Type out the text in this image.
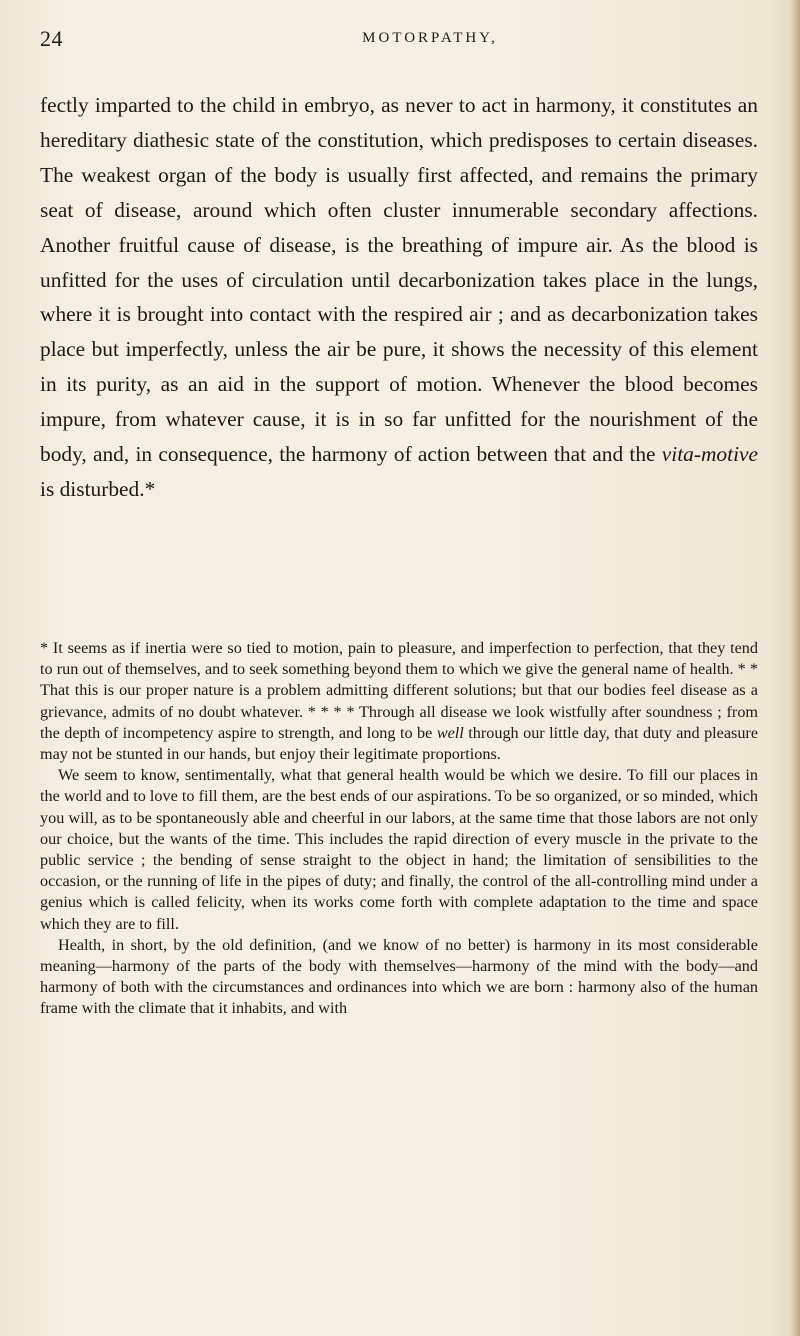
24	MOTORPATHY,

fectly imparted to the child in embryo, as never to act in harmony, it constitutes an hereditary diathesic state of the constitution, which predisposes to certain diseases. The weakest organ of the body is usually first affected, and remains the primary seat of disease, around which often cluster innumerable secondary affections. Another fruitful cause of disease, is the breathing of impure air. As the blood is unfitted for the uses of circulation until decarbonization takes place in the lungs, where it is brought into contact with the respired air ; and as decarbonization takes place but imperfectly, unless the air be pure, it shows the necessity of this element in its purity, as an aid in the support of motion. Whenever the blood becomes impure, from whatever cause, it is in so far unfitted for the nourishment of the body, and, in consequence, the harmony of action between that and the vita-motive is disturbed.*

* It seems as if inertia were so tied to motion, pain to pleasure, and imperfection to perfection, that they tend to run out of themselves, and to seek something beyond them to which we give the general name of health. * * That this is our proper nature is a problem admitting different solutions; but that our bodies feel disease as a grievance, admits of no doubt whatever. * * * * Through all disease we look wistfully after soundness ; from the depth of incompetency aspire to strength, and long to be well through our little day, that duty and pleasure may not be stunted in our hands, but enjoy their legitimate proportions.

We seem to know, sentimentally, what that general health would be which we desire. To fill our places in the world and to love to fill them, are the best ends of our aspirations. To be so organized, or so minded, which you will, as to be spontaneously able and cheerful in our labors, at the same time that those labors are not only our choice, but the wants of the time. This includes the rapid direction of every muscle in the private to the public service ; the bending of sense straight to the object in hand; the limitation of sensibilities to the occasion, or the running of life in the pipes of duty; and finally, the control of the all-controlling mind under a genius which is called felicity, when its works come forth with complete adaptation to the time and space which they are to fill.

Health, in short, by the old definition, (and we know of no better) is harmony in its most considerable meaning—harmony of the parts of the body with themselves—harmony of the mind with the body—and harmony of both with the circumstances and ordinances into which we are born : harmony also of the human frame with the climate that it inhabits, and with
